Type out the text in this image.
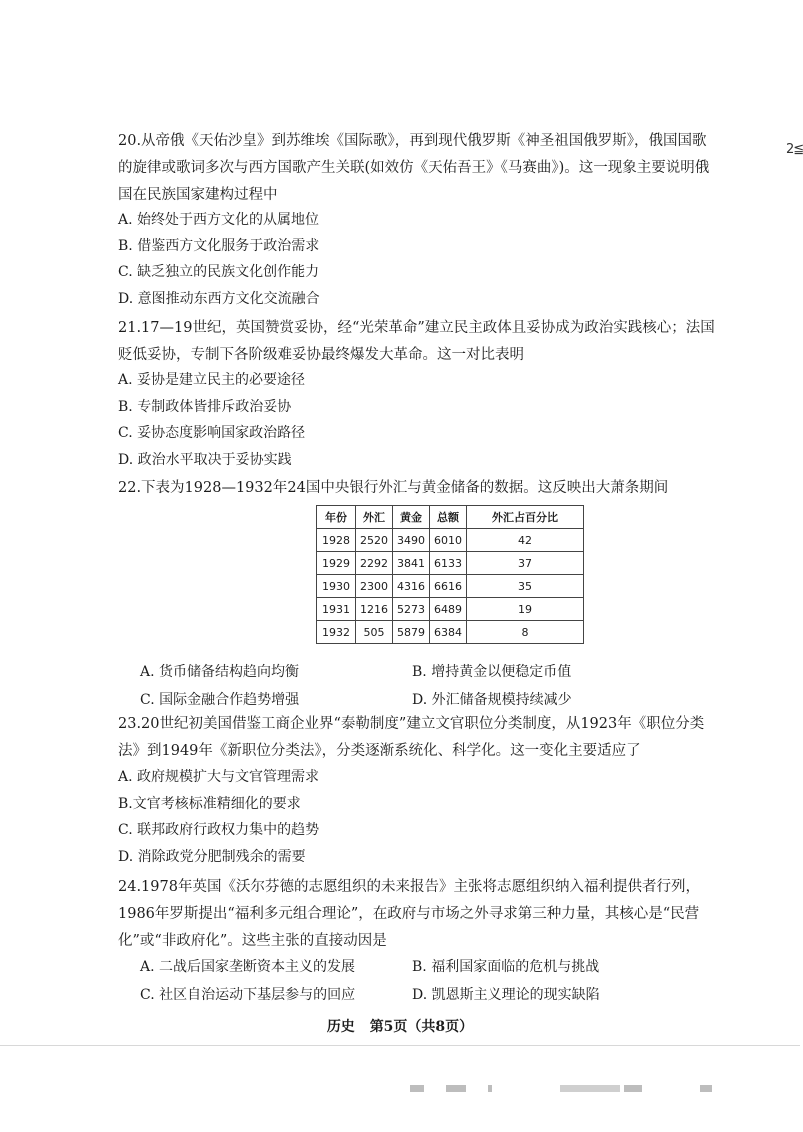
2≦

20.从帝俄《天佑沙皇》到苏维埃《国际歌》，再到现代俄罗斯《神圣祖国俄罗斯》，俄国国歌的旋律或歌词多次与西方国歌产生关联(如效仿《天佑吾王》《马赛曲》)。这一现象主要说明俄国在民族国家建构过程中

A. 始终处于西方文化的从属地位
B. 借鉴西方文化服务于政治需求
C. 缺乏独立的民族文化创作能力
D. 意图推动东西方文化交流融合

21.17—19世纪，英国赞赏妥协，经“光荣革命”建立民主政体且妥协成为政治实践核心；法国贬低妥协，专制下各阶级难妥协最终爆发大革命。这一对比表明

A. 妥协是建立民主的必要途径
B. 专制政体皆排斥政治妥协
C. 妥协态度影响国家政治路径
D. 政治水平取决于妥协实践

22.下表为1928—1932年24国中央银行外汇与黄金储备的数据。这反映出大萧条期间

年份	外汇	黄金	总额	外汇占百分比
1928	2520	3490	6010	42
1929	2292	3841	6133	37
1930	2300	4316	6616	35
1931	1216	5273	6489	19
1932	505	5879	6384	8
A. 货币储备结构趋向均衡	B. 增持黄金以便稳定币值
C. 国际金融合作趋势增强	D. 外汇储备规模持续减少

23.20世纪初美国借鉴工商企业界“泰勒制度”建立文官职位分类制度，从1923年《职位分类法》到1949年《新职位分类法》，分类逐渐系统化、科学化。这一变化主要适应了

A. 政府规模扩大与文官管理需求
B.文官考核标准精细化的要求
C. 联邦政府行政权力集中的趋势
D. 消除政党分肥制残余的需要

24.1978年英国《沃尔芬德的志愿组织的未来报告》主张将志愿组织纳入福利提供者行列，1986年罗斯提出“福利多元组合理论”，在政府与市场之外寻求第三种力量，其核心是“民营化”或“非政府化”。这些主张的直接动因是

A. 二战后国家垄断资本主义的发展	B. 福利国家面临的危机与挑战
C. 社区自治运动下基层参与的回应	D. 凯恩斯主义理论的现实缺陷
历史 第5页（共8页）
